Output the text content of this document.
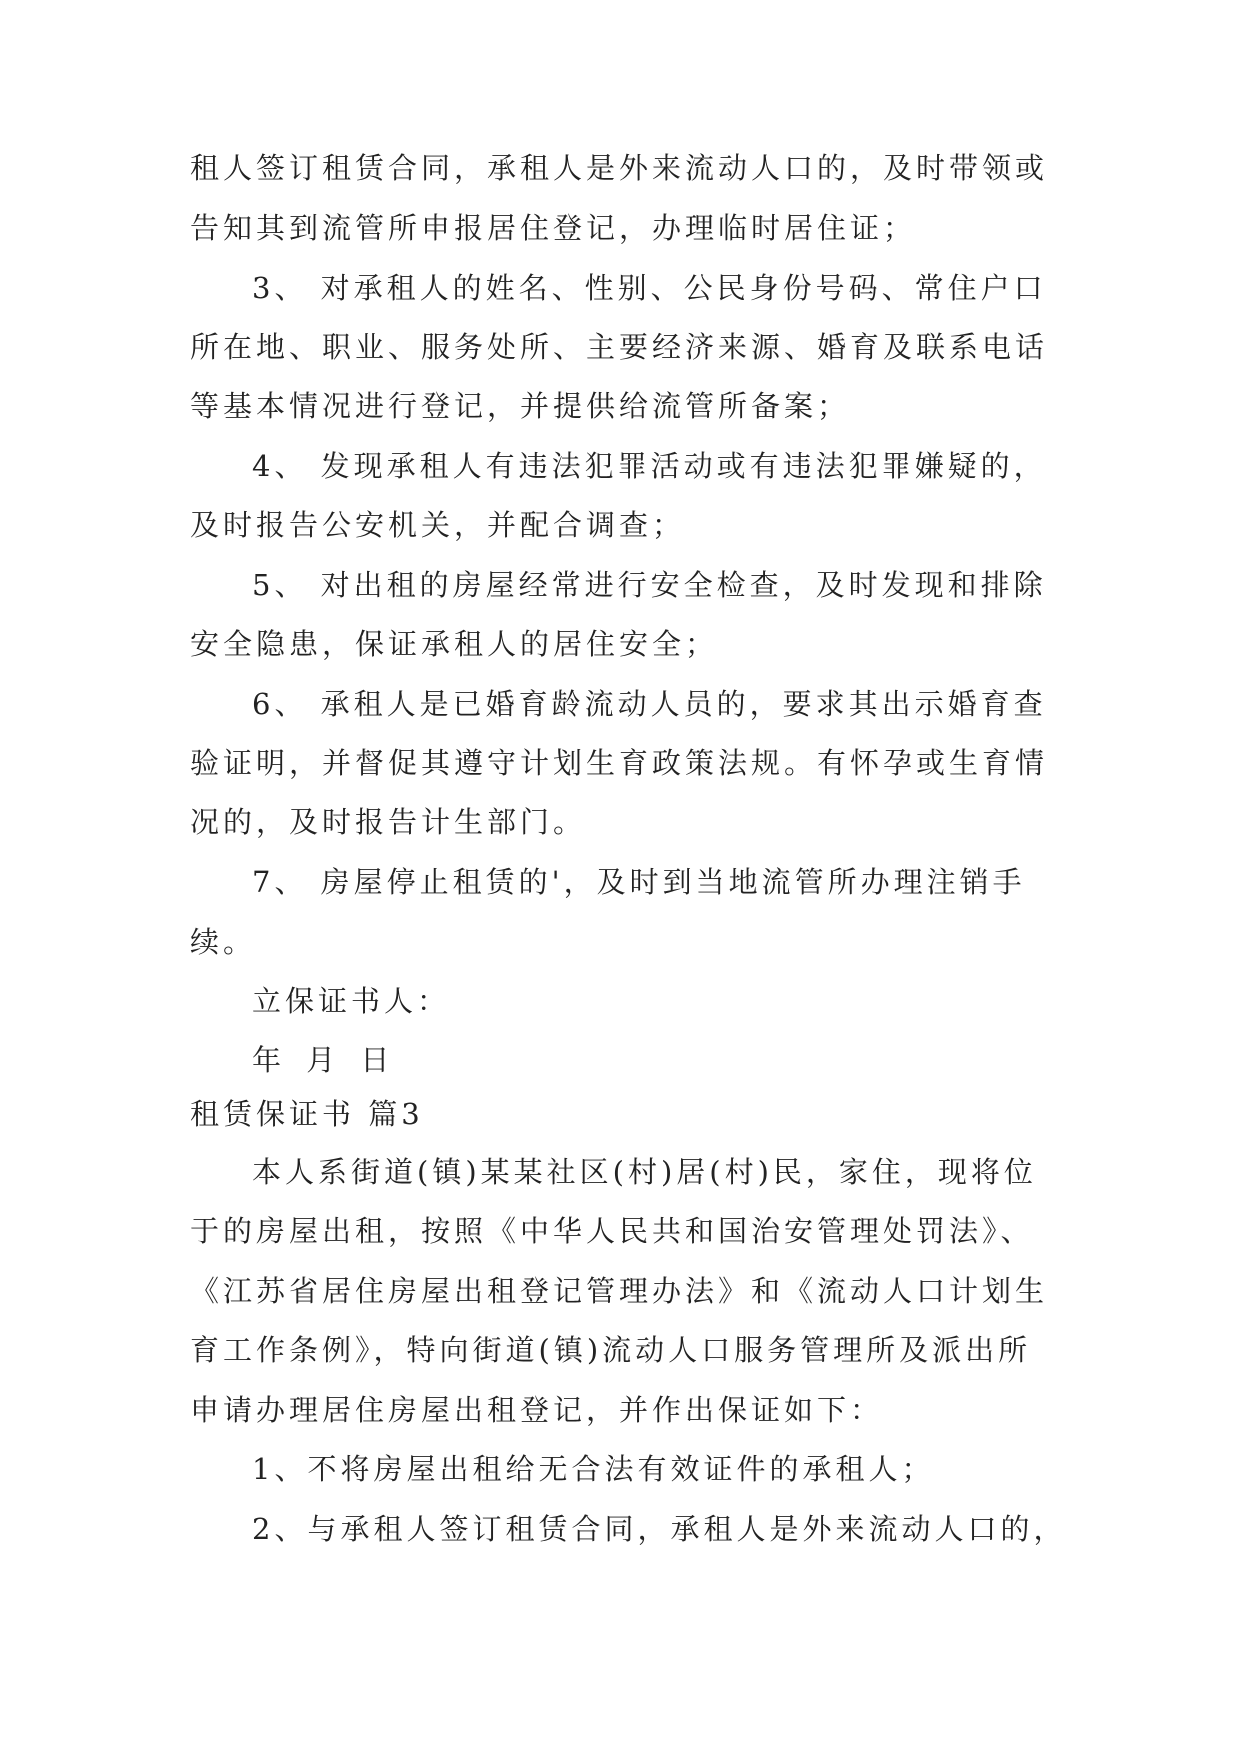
租人签订租赁合同，承租人是外来流动人口的，及时带领或
告知其到流管所申报居住登记，办理临时居住证；
3、 对承租人的姓名、性别、公民身份号码、常住户口
所在地、职业、服务处所、主要经济来源、婚育及联系电话
等基本情况进行登记，并提供给流管所备案；
4、 发现承租人有违法犯罪活动或有违法犯罪嫌疑的，
及时报告公安机关，并配合调查；
5、 对出租的房屋经常进行安全检查，及时发现和排除
安全隐患，保证承租人的居住安全；
6、 承租人是已婚育龄流动人员的，要求其出示婚育查
验证明，并督促其遵守计划生育政策法规。有怀孕或生育情
况的，及时报告计生部门。
7、 房屋停止租赁的'，及时到当地流管所办理注销手
续。
立保证书人：
年 月 日
租赁保证书 篇3
本人系街道(镇)某某社区(村)居(村)民，家住，现将位
于的房屋出租，按照《中华人民共和国治安管理处罚法》、
《江苏省居住房屋出租登记管理办法》和《流动人口计划生
育工作条例》，特向街道(镇)流动人口服务管理所及派出所
申请办理居住房屋出租登记，并作出保证如下：
1、不将房屋出租给无合法有效证件的承租人；
2、与承租人签订租赁合同，承租人是外来流动人口的，
